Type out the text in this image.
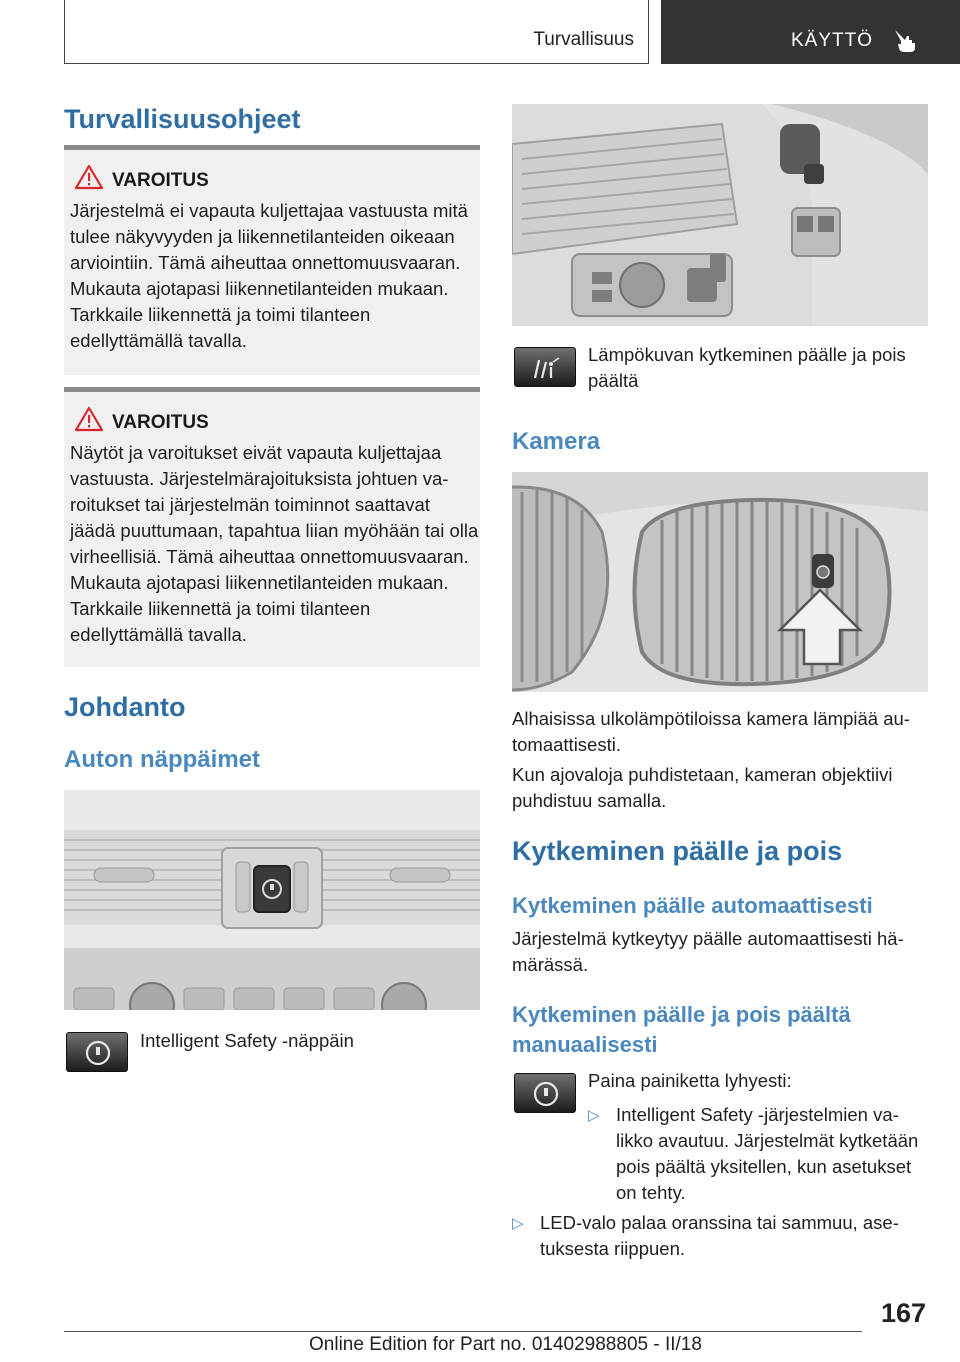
Turvallisuus	KÄYTTÖ
Turvallisuusohjeet
VAROITUS
Järjestelmä ei vapauta kuljettajaa vastuusta mitä tulee näkyvyyden ja liikennetilanteiden oikeaan arviointiin. Tämä aiheuttaa onnettomuusvaaran. Mukauta ajotapasi liikennetilanteiden mukaan. Tarkkaile liikennettä ja toimi tilanteen edellyttämällä tavalla.
VAROITUS
Näytöt ja varoitukset eivät vapauta kuljettajaa vastuusta. Järjestelmärajoituksista johtuen varoitukset tai järjestelmän toiminnot saattavat jäädä puuttumaan, tapahtua liian myöhään tai olla virheellisiä. Tämä aiheuttaa onnettomuusvaaran. Mukauta ajotapasi liikennetilanteiden mukaan. Tarkkaile liikennettä ja toimi tilanteen edellyttämällä tavalla.
Johdanto
Auton näppäimet
Intelligent Safety -näppäin
Lämpökuvan kytkeminen päälle ja pois päältä
Kamera
Alhaisissa ulkolämpötiloissa kamera lämpiää automaattisesti.
Kun ajovaloja puhdistetaan, kameran objektiivi puhdistuu samalla.
Kytkeminen päälle ja pois
Kytkeminen päälle automaattisesti
Järjestelmä kytkeytyy päälle automaattisesti hämärässä.
Kytkeminen päälle ja pois päältä manuaalisesti
Paina painiketta lyhyesti:
▷ Intelligent Safety -järjestelmien valikko avautuu. Järjestelmät kytketään pois päältä yksitellen, kun asetukset on tehty.
▷ LED-valo palaa oranssina tai sammuu, asetuksesta riippuen.
167
Online Edition for Part no. 01402988805 - II/18
